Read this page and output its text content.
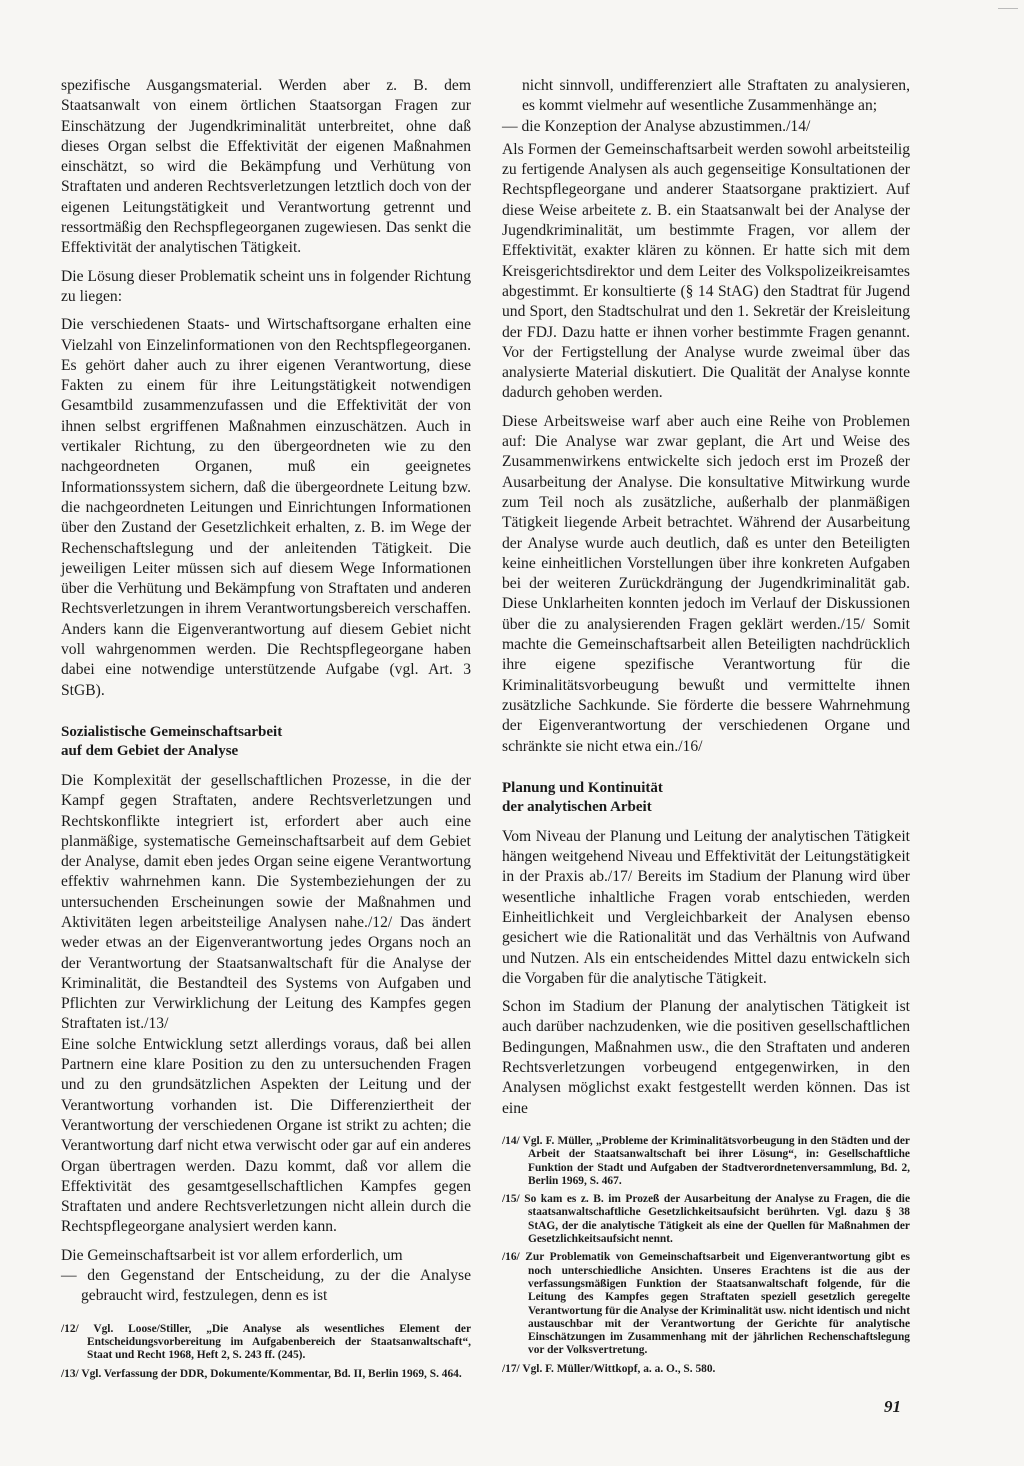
spezifische Ausgangsmaterial. Werden aber z. B. dem Staatsanwalt von einem örtlichen Staatsorgan Fragen zur Einschätzung der Jugendkriminalität unterbreitet, ohne daß dieses Organ selbst die Effektivität der eigenen Maßnahmen einschätzt, so wird die Bekämpfung und Verhütung von Straftaten und anderen Rechtsverletzungen letztlich doch von der eigenen Leitungstätigkeit und Verantwortung getrennt und ressortmäßig den Rechspflegeorganen zugewiesen. Das senkt die Effektivität der analytischen Tätigkeit.

Die Lösung dieser Problematik scheint uns in folgender Richtung zu liegen:

Die verschiedenen Staats- und Wirtschaftsorgane erhalten eine Vielzahl von Einzelinformationen von den Rechtspflegeorganen. Es gehört daher auch zu ihrer eigenen Verantwortung, diese Fakten zu einem für ihre Leitungstätigkeit notwendigen Gesamtbild zusammenzufassen und die Effektivität der von ihnen selbst ergriffenen Maßnahmen einzuschätzen. Auch in vertikaler Richtung, zu den übergeordneten wie zu den nachgeordneten Organen, muß ein geeignetes Informationssystem sichern, daß die übergeordnete Leitung bzw. die nachgeordneten Leitungen und Einrichtungen Informationen über den Zustand der Gesetzlichkeit erhalten, z. B. im Wege der Rechenschaftslegung und der anleitenden Tätigkeit. Die jeweiligen Leiter müssen sich auf diesem Wege Informationen über die Verhütung und Bekämpfung von Straftaten und anderen Rechtsverletzungen in ihrem Verantwortungsbereich verschaffen. Anders kann die Eigenverantwortung auf diesem Gebiet nicht voll wahrgenommen werden. Die Rechtspflegeorgane haben dabei eine notwendige unterstützende Aufgabe (vgl. Art. 3 StGB).

Sozialistische Gemeinschaftsarbeit
auf dem Gebiet der Analyse

Die Komplexität der gesellschaftlichen Prozesse, in die der Kampf gegen Straftaten, andere Rechtsverletzungen und Rechtskonflikte integriert ist, erfordert aber auch eine planmäßige, systematische Gemeinschaftsarbeit auf dem Gebiet der Analyse, damit eben jedes Organ seine eigene Verantwortung effektiv wahrnehmen kann. Die Systembeziehungen der zu untersuchenden Erscheinungen sowie der Maßnahmen und Aktivitäten legen arbeitsteilige Analysen nahe./12/ Das ändert weder etwas an der Eigenverantwortung jedes Organs noch an der Verantwortung der Staatsanwaltschaft für die Analyse der Kriminalität, die Bestandteil des Systems von Aufgaben und Pflichten zur Verwirklichung der Leitung des Kampfes gegen Straftaten ist./13/

Eine solche Entwicklung setzt allerdings voraus, daß bei allen Partnern eine klare Position zu den zu untersuchenden Fragen und zu den grundsätzlichen Aspekten der Leitung und der Verantwortung vorhanden ist. Die Differenziertheit der Verantwortung der verschiedenen Organe ist strikt zu achten; die Verantwortung darf nicht etwa verwischt oder gar auf ein anderes Organ übertragen werden. Dazu kommt, daß vor allem die Effektivität des gesamtgesellschaftlichen Kampfes gegen Straftaten und andere Rechtsverletzungen nicht allein durch die Rechtspflegeorgane analysiert werden kann.

Die Gemeinschaftsarbeit ist vor allem erforderlich, um

— den Gegenstand der Entscheidung, zu der die Analyse gebraucht wird, festzulegen, denn es ist

/12/ Vgl. Loose/Stiller, „Die Analyse als wesentliches Element der Entscheidungsvorbereitung im Aufgabenbereich der Staatsanwaltschaft“, Staat und Recht 1968, Heft 2, S. 243 ff. (245).

/13/ Vgl. Verfassung der DDR, Dokumente/Kommentar, Bd. II, Berlin 1969, S. 464.

nicht sinnvoll, undifferenziert alle Straftaten zu analysieren, es kommt vielmehr auf wesentliche Zusammenhänge an;

— die Konzeption der Analyse abzustimmen./14/

Als Formen der Gemeinschaftsarbeit werden sowohl arbeitsteilig zu fertigende Analysen als auch gegenseitige Konsultationen der Rechtspflegeorgane und anderer Staatsorgane praktiziert. Auf diese Weise arbeitete z. B. ein Staatsanwalt bei der Analyse der Jugendkriminalität, um bestimmte Fragen, vor allem der Effektivität, exakter klären zu können. Er hatte sich mit dem Kreisgerichtsdirektor und dem Leiter des Volkspolizeikreisamtes abgestimmt. Er konsultierte (§ 14 StAG) den Stadtrat für Jugend und Sport, den Stadtschulrat und den 1. Sekretär der Kreisleitung der FDJ. Dazu hatte er ihnen vorher bestimmte Fragen genannt. Vor der Fertigstellung der Analyse wurde zweimal über das analysierte Material diskutiert. Die Qualität der Analyse konnte dadurch gehoben werden.

Diese Arbeitsweise warf aber auch eine Reihe von Problemen auf: Die Analyse war zwar geplant, die Art und Weise des Zusammenwirkens entwickelte sich jedoch erst im Prozeß der Ausarbeitung der Analyse. Die konsultative Mitwirkung wurde zum Teil noch als zusätzliche, außerhalb der planmäßigen Tätigkeit liegende Arbeit betrachtet. Während der Ausarbeitung der Analyse wurde auch deutlich, daß es unter den Beteiligten keine einheitlichen Vorstellungen über ihre konkreten Aufgaben bei der weiteren Zurückdrängung der Jugendkriminalität gab. Diese Unklarheiten konnten jedoch im Verlauf der Diskussionen über die zu analysierenden Fragen geklärt werden./15/ Somit machte die Gemeinschaftsarbeit allen Beteiligten nachdrücklich ihre eigene spezifische Verantwortung für die Kriminalitätsvorbeugung bewußt und vermittelte ihnen zusätzliche Sachkunde. Sie förderte die bessere Wahrnehmung der Eigenverantwortung der verschiedenen Organe und schränkte sie nicht etwa ein./16/

Planung und Kontinuität
der analytischen Arbeit

Vom Niveau der Planung und Leitung der analytischen Tätigkeit hängen weitgehend Niveau und Effektivität der Leitungstätigkeit in der Praxis ab./17/ Bereits im Stadium der Planung wird über wesentliche inhaltliche Fragen vorab entschieden, werden Einheitlichkeit und Vergleichbarkeit der Analysen ebenso gesichert wie die Rationalität und das Verhältnis von Aufwand und Nutzen. Als ein entscheidendes Mittel dazu entwickeln sich die Vorgaben für die analytische Tätigkeit.

Schon im Stadium der Planung der analytischen Tätigkeit ist auch darüber nachzudenken, wie die positiven gesellschaftlichen Bedingungen, Maßnahmen usw., die den Straftaten und anderen Rechtsverletzungen vorbeugend entgegenwirken, in den Analysen möglichst exakt festgestellt werden können. Das ist eine

/14/ Vgl. F. Müller, „Probleme der Kriminalitätsvorbeugung in den Städten und der Arbeit der Staatsanwaltschaft bei ihrer Lösung“, in: Gesellschaftliche Funktion der Stadt und Aufgaben der Stadtverordnetenversammlung, Bd. 2, Berlin 1969, S. 467.

/15/ So kam es z. B. im Prozeß der Ausarbeitung der Analyse zu Fragen, die die staatsanwaltschaftliche Gesetzlichkeitsaufsicht berührten. Vgl. dazu § 38 StAG, der die analytische Tätigkeit als eine der Quellen für Maßnahmen der Gesetzlichkeitsaufsicht nennt.

/16/ Zur Problematik von Gemeinschaftsarbeit und Eigenverantwortung gibt es noch unterschiedliche Ansichten. Unseres Erachtens ist die aus der verfassungsmäßigen Funktion der Staatsanwaltschaft folgende, für die Leitung des Kampfes gegen Straftaten speziell gesetzlich geregelte Verantwortung für die Analyse der Kriminalität usw. nicht identisch und nicht austauschbar mit der Verantwortung der Gerichte für analytische Einschätzungen im Zusammenhang mit der jährlichen Rechenschaftslegung vor der Volksvertretung.

/17/ Vgl. F. Müller/Wittkopf, a. a. O., S. 580.

91
